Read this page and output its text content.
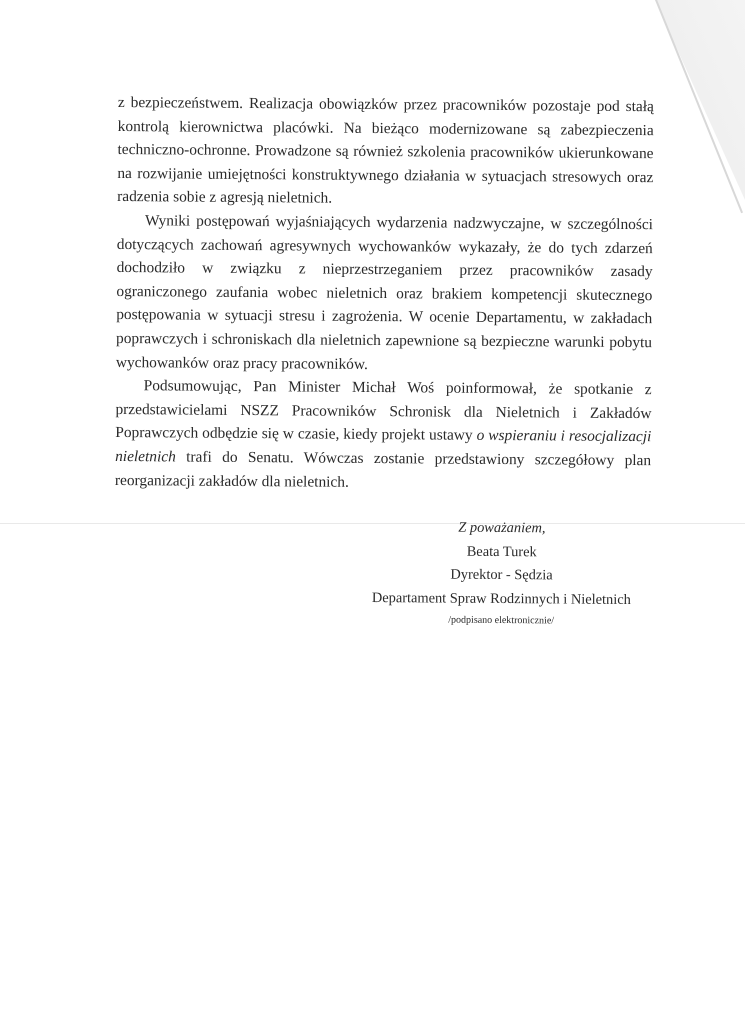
z bezpieczeństwem. Realizacja obowiązków przez pracowników pozostaje pod stałą kontrolą kierownictwa placówki. Na bieżąco modernizowane są zabezpieczenia techniczno-ochronne. Prowadzone są również szkolenia pracowników ukierunkowane na rozwijanie umiejętności konstruktywnego działania w sytuacjach stresowych oraz radzenia sobie z agresją nieletnich.

Wyniki postępowań wyjaśniających wydarzenia nadzwyczajne, w szczególności dotyczących zachowań agresywnych wychowanków wykazały, że do tych zdarzeń dochodziło w związku z nieprzestrzeganiem przez pracowników zasady ograniczonego zaufania wobec nieletnich oraz brakiem kompetencji skutecznego postępowania w sytuacji stresu i zagrożenia. W ocenie Departamentu, w zakładach poprawczych i schroniskach dla nieletnich zapewnione są bezpieczne warunki pobytu wychowanków oraz pracy pracowników.

Podsumowując, Pan Minister Michał Woś poinformował, że spotkanie z przedstawicielami NSZZ Pracowników Schronisk dla Nieletnich i Zakładów Poprawczych odbędzie się w czasie, kiedy projekt ustawy o wspieraniu i resocjalizacji nieletnich trafi do Senatu. Wówczas zostanie przedstawiony szczegółowy plan reorganizacji zakładów dla nieletnich.

Z poważaniem,
Beata Turek
Dyrektor - Sędzia
Departament Spraw Rodzinnych i Nieletnich
/podpisano elektronicznie/
